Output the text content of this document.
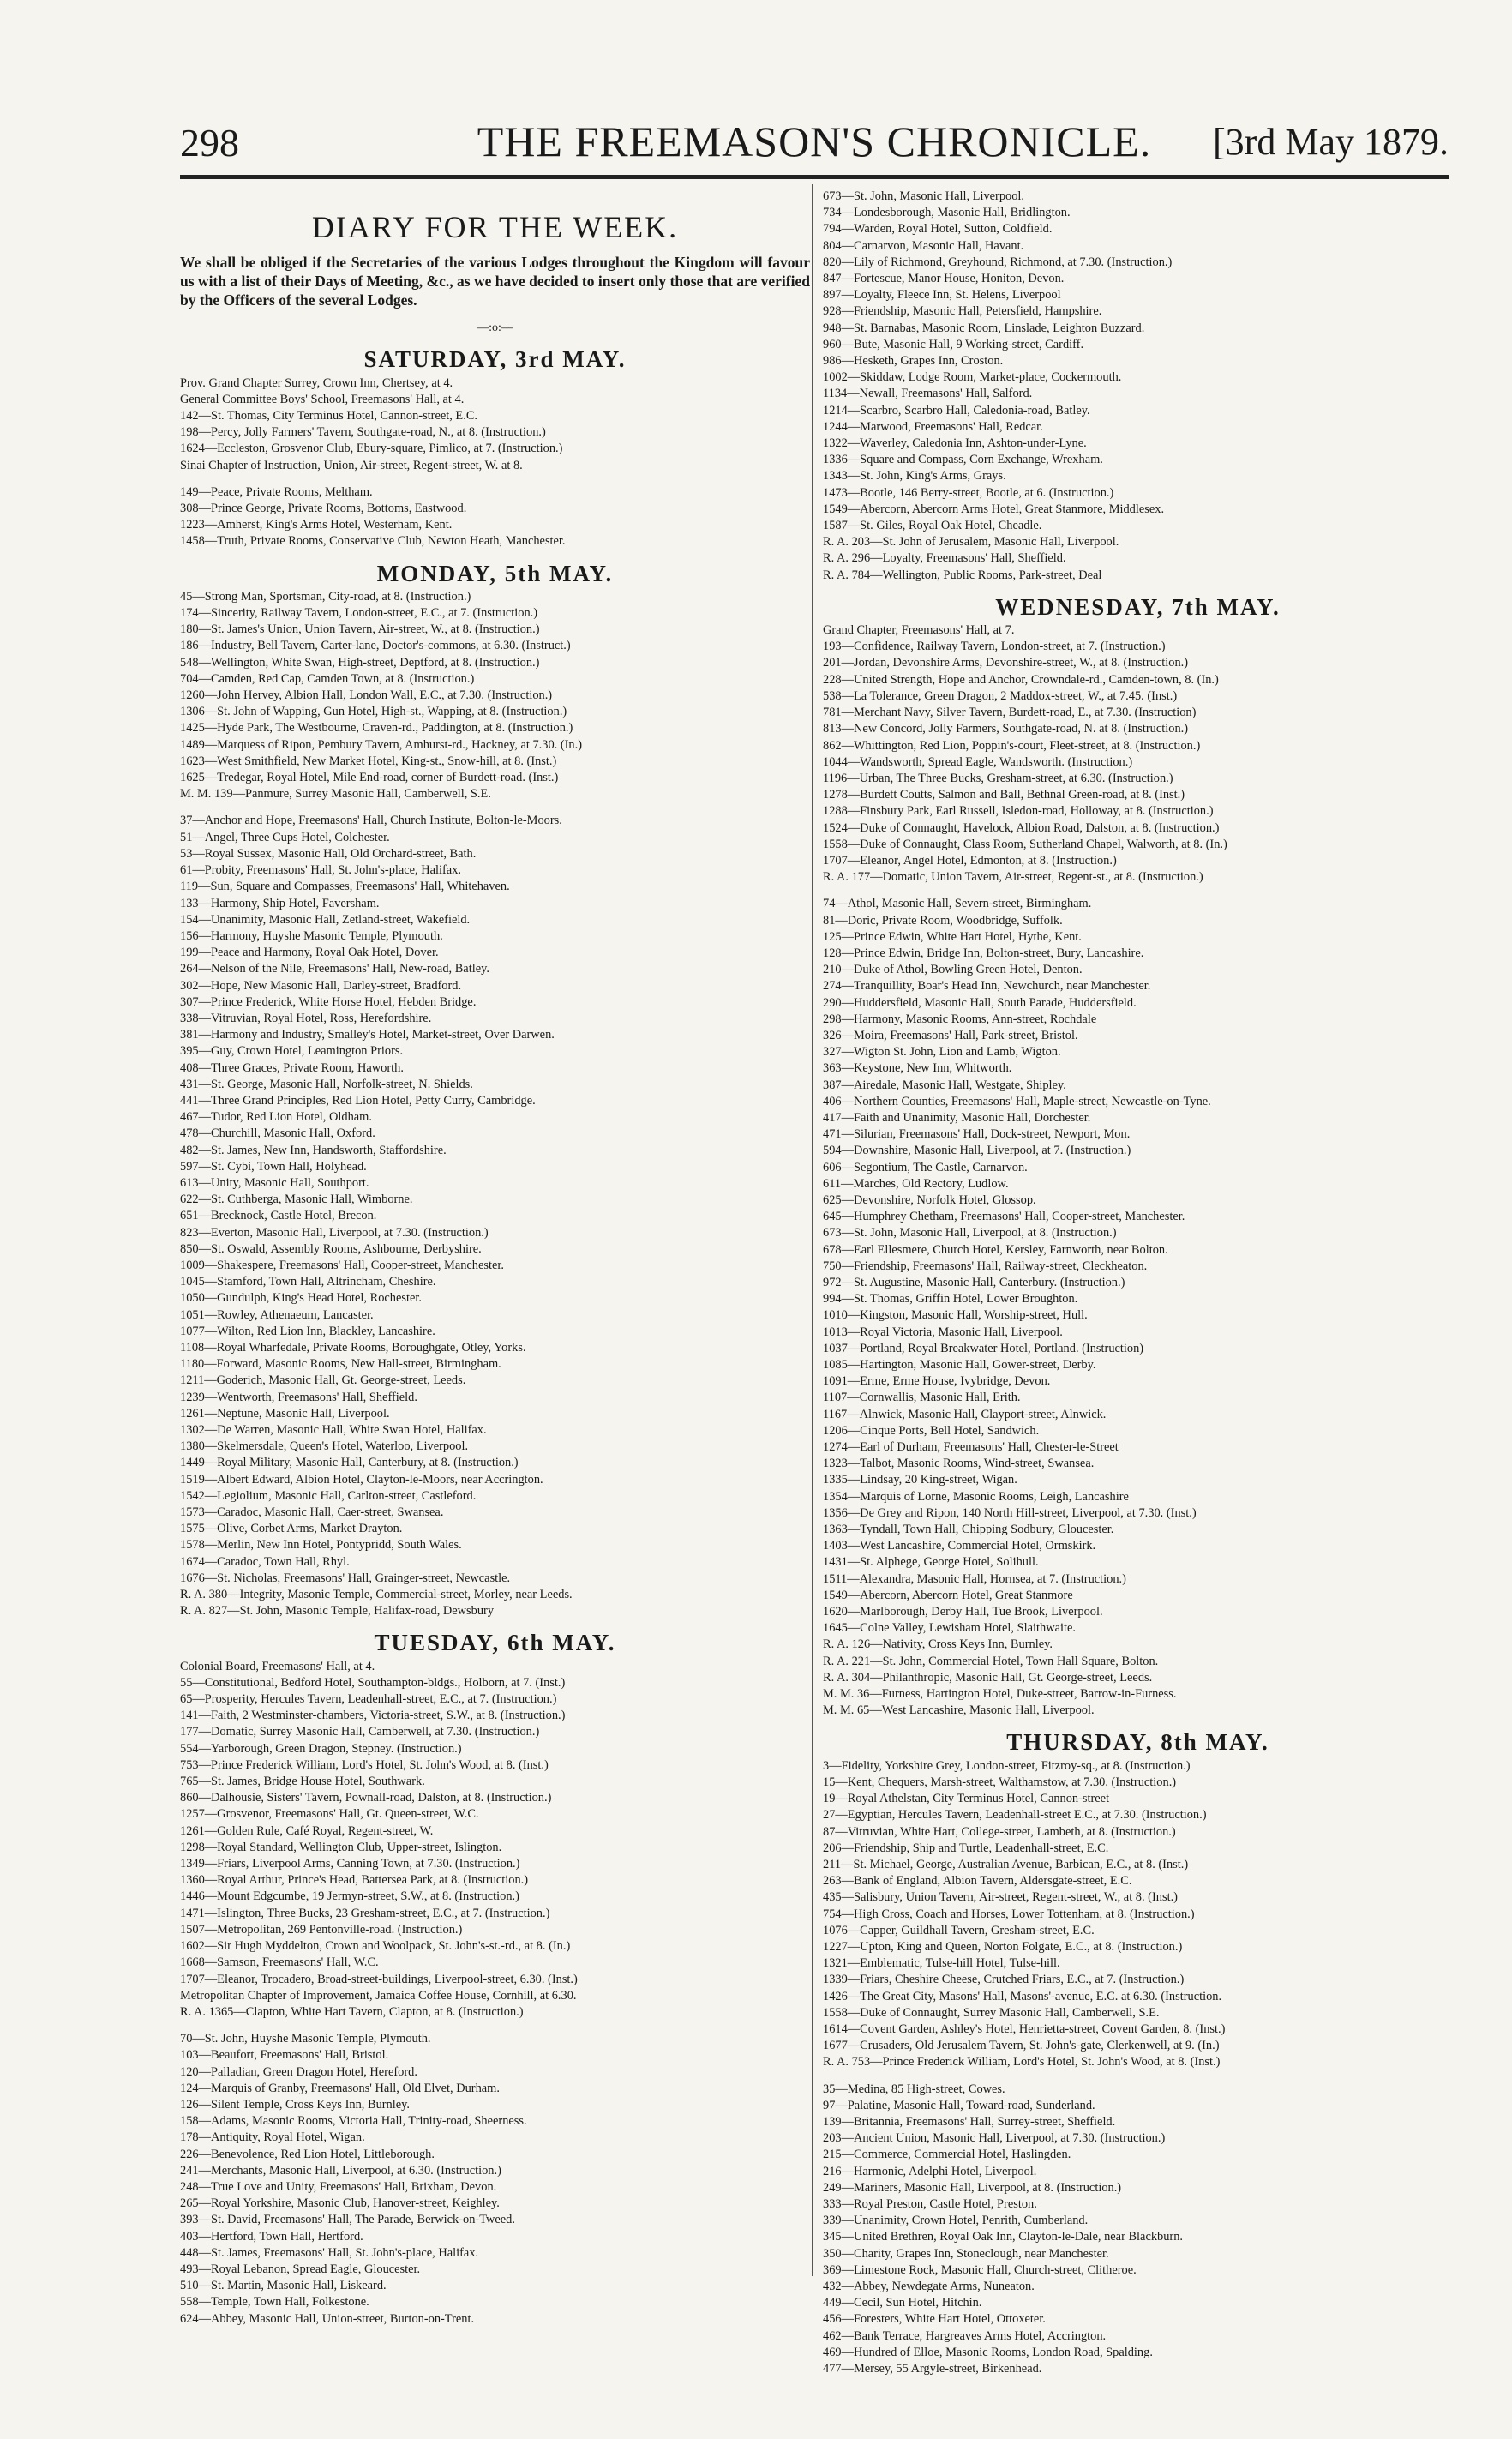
298	THE FREEMASON'S CHRONICLE.	[3rd May 1879.
DIARY FOR THE WEEK.
We shall be obliged if the Secretaries of the various Lodges throughout the Kingdom will favour us with a list of their Days of Meeting, &c., as we have decided to insert only those that are verified by the Officers of the several Lodges.
—:o:—
SATURDAY, 3rd MAY.
Prov. Grand Chapter Surrey, Crown Inn, Chertsey, at 4.
General Committee Boys' School, Freemasons' Hall, at 4.
142—St. Thomas, City Terminus Hotel, Cannon-street, E.C.
198—Percy, Jolly Farmers' Tavern, Southgate-road, N., at 8. (Instruction.)
1624—Eccleston, Grosvenor Club, Ebury-square, Pimlico, at 7. (Instruction.)
Sinai Chapter of Instruction, Union, Air-street, Regent-street, W. at 8.
149—Peace, Private Rooms, Meltham.
308—Prince George, Private Rooms, Bottoms, Eastwood.
1223—Amherst, King's Arms Hotel, Westerham, Kent.
1458—Truth, Private Rooms, Conservative Club, Newton Heath, Manchester.
MONDAY, 5th MAY.
45—Strong Man, Sportsman, City-road, at 8. (Instruction.)
174—Sincerity, Railway Tavern, London-street, E.C., at 7. (Instruction.)
180—St. James's Union, Union Tavern, Air-street, W., at 8. (Instruction.)
186—Industry, Bell Tavern, Carter-lane, Doctor's-commons, at 6.30. (Instruct.)
548—Wellington, White Swan, High-street, Deptford, at 8. (Instruction.)
704—Camden, Red Cap, Camden Town, at 8. (Instruction.)
1260—John Hervey, Albion Hall, London Wall, E.C., at 7.30. (Instruction.)
1306—St. John of Wapping, Gun Hotel, High-st., Wapping, at 8. (Instruction.)
1425—Hyde Park, The Westbourne, Craven-rd., Paddington, at 8. (Instruction.)
1489—Marquess of Ripon, Pembury Tavern, Amhurst-rd., Hackney, at 7.30. (In.)
1623—West Smithfield, New Market Hotel, King-st., Snow-hill, at 8. (Inst.)
1625—Tredegar, Royal Hotel, Mile End-road, corner of Burdett-road. (Inst.)
M. M. 139—Panmure, Surrey Masonic Hall, Camberwell, S.E.
37—Anchor and Hope, Freemasons' Hall, Church Institute, Bolton-le-Moors.
51—Angel, Three Cups Hotel, Colchester.
53—Royal Sussex, Masonic Hall, Old Orchard-street, Bath.
61—Probity, Freemasons' Hall, St. John's-place, Halifax.
119—Sun, Square and Compasses, Freemasons' Hall, Whitehaven.
133—Harmony, Ship Hotel, Faversham.
154—Unanimity, Masonic Hall, Zetland-street, Wakefield.
156—Harmony, Huyshe Masonic Temple, Plymouth.
199—Peace and Harmony, Royal Oak Hotel, Dover.
264—Nelson of the Nile, Freemasons' Hall, New-road, Batley.
302—Hope, New Masonic Hall, Darley-street, Bradford.
307—Prince Frederick, White Horse Hotel, Hebden Bridge.
338—Vitruvian, Royal Hotel, Ross, Herefordshire.
381—Harmony and Industry, Smalley's Hotel, Market-street, Over Darwen.
395—Guy, Crown Hotel, Leamington Priors.
408—Three Graces, Private Room, Haworth.
431—St. George, Masonic Hall, Norfolk-street, N. Shields.
441—Three Grand Principles, Red Lion Hotel, Petty Curry, Cambridge.
467—Tudor, Red Lion Hotel, Oldham.
478—Churchill, Masonic Hall, Oxford.
482—St. James, New Inn, Handsworth, Staffordshire.
597—St. Cybi, Town Hall, Holyhead.
613—Unity, Masonic Hall, Southport.
622—St. Cuthberga, Masonic Hall, Wimborne.
651—Brecknock, Castle Hotel, Brecon.
823—Everton, Masonic Hall, Liverpool, at 7.30. (Instruction.)
850—St. Oswald, Assembly Rooms, Ashbourne, Derbyshire.
1009—Shakespere, Freemasons' Hall, Cooper-street, Manchester.
1045—Stamford, Town Hall, Altrincham, Cheshire.
1050—Gundulph, King's Head Hotel, Rochester.
1051—Rowley, Athenaeum, Lancaster.
1077—Wilton, Red Lion Inn, Blackley, Lancashire.
1108—Royal Wharfedale, Private Rooms, Boroughgate, Otley, Yorks.
1180—Forward, Masonic Rooms, New Hall-street, Birmingham.
1211—Goderich, Masonic Hall, Gt. George-street, Leeds.
1239—Wentworth, Freemasons' Hall, Sheffield.
1261—Neptune, Masonic Hall, Liverpool.
1302—De Warren, Masonic Hall, White Swan Hotel, Halifax.
1380—Skelmersdale, Queen's Hotel, Waterloo, Liverpool.
1449—Royal Military, Masonic Hall, Canterbury, at 8. (Instruction.)
1519—Albert Edward, Albion Hotel, Clayton-le-Moors, near Accrington.
1542—Legiolium, Masonic Hall, Carlton-street, Castleford.
1573—Caradoc, Masonic Hall, Caer-street, Swansea.
1575—Olive, Corbet Arms, Market Drayton.
1578—Merlin, New Inn Hotel, Pontypridd, South Wales.
1674—Caradoc, Town Hall, Rhyl.
1676—St. Nicholas, Freemasons' Hall, Grainger-street, Newcastle.
R. A. 380—Integrity, Masonic Temple, Commercial-street, Morley, near Leeds.
R. A. 827—St. John, Masonic Temple, Halifax-road, Dewsbury
TUESDAY, 6th MAY.
Colonial Board, Freemasons' Hall, at 4.
55—Constitutional, Bedford Hotel, Southampton-bldgs., Holborn, at 7. (Inst.)
65—Prosperity, Hercules Tavern, Leadenhall-street, E.C., at 7. (Instruction.)
141—Faith, 2 Westminster-chambers, Victoria-street, S.W., at 8. (Instruction.)
177—Domatic, Surrey Masonic Hall, Camberwell, at 7.30. (Instruction.)
554—Yarborough, Green Dragon, Stepney. (Instruction.)
753—Prince Frederick William, Lord's Hotel, St. John's Wood, at 8. (Inst.)
765—St. James, Bridge House Hotel, Southwark.
860—Dalhousie, Sisters' Tavern, Pownall-road, Dalston, at 8. (Instruction.)
1257—Grosvenor, Freemasons' Hall, Gt. Queen-street, W.C.
1261—Golden Rule, Café Royal, Regent-street, W.
1298—Royal Standard, Wellington Club, Upper-street, Islington.
1349—Friars, Liverpool Arms, Canning Town, at 7.30. (Instruction.)
1360—Royal Arthur, Prince's Head, Battersea Park, at 8. (Instruction.)
1446—Mount Edgcumbe, 19 Jermyn-street, S.W., at 8. (Instruction.)
1471—Islington, Three Bucks, 23 Gresham-street, E.C., at 7. (Instruction.)
1507—Metropolitan, 269 Pentonville-road. (Instruction.)
1602—Sir Hugh Myddelton, Crown and Woolpack, St. John's-st.-rd., at 8. (In.)
1668—Samson, Freemasons' Hall, W.C.
1707—Eleanor, Trocadero, Broad-street-buildings, Liverpool-street, 6.30. (Inst.)
Metropolitan Chapter of Improvement, Jamaica Coffee House, Cornhill, at 6.30.
R. A. 1365—Clapton, White Hart Tavern, Clapton, at 8. (Instruction.)
70—St. John, Huyshe Masonic Temple, Plymouth.
103—Beaufort, Freemasons' Hall, Bristol.
120—Palladian, Green Dragon Hotel, Hereford.
124—Marquis of Granby, Freemasons' Hall, Old Elvet, Durham.
126—Silent Temple, Cross Keys Inn, Burnley.
158—Adams, Masonic Rooms, Victoria Hall, Trinity-road, Sheerness.
178—Antiquity, Royal Hotel, Wigan.
226—Benevolence, Red Lion Hotel, Littleborough.
241—Merchants, Masonic Hall, Liverpool, at 6.30. (Instruction.)
248—True Love and Unity, Freemasons' Hall, Brixham, Devon.
265—Royal Yorkshire, Masonic Club, Hanover-street, Keighley.
393—St. David, Freemasons' Hall, The Parade, Berwick-on-Tweed.
403—Hertford, Town Hall, Hertford.
448—St. James, Freemasons' Hall, St. John's-place, Halifax.
493—Royal Lebanon, Spread Eagle, Gloucester.
510—St. Martin, Masonic Hall, Liskeard.
558—Temple, Town Hall, Folkestone.
624—Abbey, Masonic Hall, Union-street, Burton-on-Trent.
673—St. John, Masonic Hall, Liverpool.
734—Londesborough, Masonic Hall, Bridlington.
794—Warden, Royal Hotel, Sutton, Coldfield.
804—Carnarvon, Masonic Hall, Havant.
820—Lily of Richmond, Greyhound, Richmond, at 7.30. (Instruction.)
847—Fortescue, Manor House, Honiton, Devon.
897—Loyalty, Fleece Inn, St. Helens, Liverpool
928—Friendship, Masonic Hall, Petersfield, Hampshire.
948—St. Barnabas, Masonic Room, Linslade, Leighton Buzzard.
960—Bute, Masonic Hall, 9 Working-street, Cardiff.
986—Hesketh, Grapes Inn, Croston.
1002—Skiddaw, Lodge Room, Market-place, Cockermouth.
1134—Newall, Freemasons' Hall, Salford.
1214—Scarbro, Scarbro Hall, Caledonia-road, Batley.
1244—Marwood, Freemasons' Hall, Redcar.
1322—Waverley, Caledonia Inn, Ashton-under-Lyne.
1336—Square and Compass, Corn Exchange, Wrexham.
1343—St. John, King's Arms, Grays.
1473—Bootle, 146 Berry-street, Bootle, at 6. (Instruction.)
1549—Abercorn, Abercorn Arms Hotel, Great Stanmore, Middlesex.
1587—St. Giles, Royal Oak Hotel, Cheadle.
R. A. 203—St. John of Jerusalem, Masonic Hall, Liverpool.
R. A. 296—Loyalty, Freemasons' Hall, Sheffield.
R. A. 784—Wellington, Public Rooms, Park-street, Deal
WEDNESDAY, 7th MAY.
Grand Chapter, Freemasons' Hall, at 7.
193—Confidence, Railway Tavern, London-street, at 7. (Instruction.)
201—Jordan, Devonshire Arms, Devonshire-street, W., at 8. (Instruction.)
228—United Strength, Hope and Anchor, Crowndale-rd., Camden-town, 8. (In.)
538—La Tolerance, Green Dragon, 2 Maddox-street, W., at 7.45. (Inst.)
781—Merchant Navy, Silver Tavern, Burdett-road, E., at 7.30. (Instruction)
813—New Concord, Jolly Farmers, Southgate-road, N. at 8. (Instruction.)
862—Whittington, Red Lion, Poppin's-court, Fleet-street, at 8. (Instruction.)
1044—Wandsworth, Spread Eagle, Wandsworth. (Instruction.)
1196—Urban, The Three Bucks, Gresham-street, at 6.30. (Instruction.)
1278—Burdett Coutts, Salmon and Ball, Bethnal Green-road, at 8. (Inst.)
1288—Finsbury Park, Earl Russell, Isledon-road, Holloway, at 8. (Instruction.)
1524—Duke of Connaught, Havelock, Albion Road, Dalston, at 8. (Instruction.)
1558—Duke of Connaught, Class Room, Sutherland Chapel, Walworth, at 8. (In.)
1707—Eleanor, Angel Hotel, Edmonton, at 8. (Instruction.)
R. A. 177—Domatic, Union Tavern, Air-street, Regent-st., at 8. (Instruction.)
74—Athol, Masonic Hall, Severn-street, Birmingham.
81—Doric, Private Room, Woodbridge, Suffolk.
125—Prince Edwin, White Hart Hotel, Hythe, Kent.
128—Prince Edwin, Bridge Inn, Bolton-street, Bury, Lancashire.
210—Duke of Athol, Bowling Green Hotel, Denton.
274—Tranquillity, Boar's Head Inn, Newchurch, near Manchester.
290—Huddersfield, Masonic Hall, South Parade, Huddersfield.
298—Harmony, Masonic Rooms, Ann-street, Rochdale
326—Moira, Freemasons' Hall, Park-street, Bristol.
327—Wigton St. John, Lion and Lamb, Wigton.
363—Keystone, New Inn, Whitworth.
387—Airedale, Masonic Hall, Westgate, Shipley.
406—Northern Counties, Freemasons' Hall, Maple-street, Newcastle-on-Tyne.
417—Faith and Unanimity, Masonic Hall, Dorchester.
471—Silurian, Freemasons' Hall, Dock-street, Newport, Mon.
594—Downshire, Masonic Hall, Liverpool, at 7. (Instruction.)
606—Segontium, The Castle, Carnarvon.
611—Marches, Old Rectory, Ludlow.
625—Devonshire, Norfolk Hotel, Glossop.
645—Humphrey Chetham, Freemasons' Hall, Cooper-street, Manchester.
673—St. John, Masonic Hall, Liverpool, at 8. (Instruction.)
678—Earl Ellesmere, Church Hotel, Kersley, Farnworth, near Bolton.
750—Friendship, Freemasons' Hall, Railway-street, Cleckheaton.
972—St. Augustine, Masonic Hall, Canterbury. (Instruction.)
994—St. Thomas, Griffin Hotel, Lower Broughton.
1010—Kingston, Masonic Hall, Worship-street, Hull.
1013—Royal Victoria, Masonic Hall, Liverpool.
1037—Portland, Royal Breakwater Hotel, Portland. (Instruction)
1085—Hartington, Masonic Hall, Gower-street, Derby.
1091—Erme, Erme House, Ivybridge, Devon.
1107—Cornwallis, Masonic Hall, Erith.
1167—Alnwick, Masonic Hall, Clayport-street, Alnwick.
1206—Cinque Ports, Bell Hotel, Sandwich.
1274—Earl of Durham, Freemasons' Hall, Chester-le-Street
1323—Talbot, Masonic Rooms, Wind-street, Swansea.
1335—Lindsay, 20 King-street, Wigan.
1354—Marquis of Lorne, Masonic Rooms, Leigh, Lancashire
1356—De Grey and Ripon, 140 North Hill-street, Liverpool, at 7.30. (Inst.)
1363—Tyndall, Town Hall, Chipping Sodbury, Gloucester.
1403—West Lancashire, Commercial Hotel, Ormskirk.
1431—St. Alphege, George Hotel, Solihull.
1511—Alexandra, Masonic Hall, Hornsea, at 7. (Instruction.)
1549—Abercorn, Abercorn Hotel, Great Stanmore
1620—Marlborough, Derby Hall, Tue Brook, Liverpool.
1645—Colne Valley, Lewisham Hotel, Slaithwaite.
R. A. 126—Nativity, Cross Keys Inn, Burnley.
R. A. 221—St. John, Commercial Hotel, Town Hall Square, Bolton.
R. A. 304—Philanthropic, Masonic Hall, Gt. George-street, Leeds.
M. M. 36—Furness, Hartington Hotel, Duke-street, Barrow-in-Furness.
M. M. 65—West Lancashire, Masonic Hall, Liverpool.
THURSDAY, 8th MAY.
3—Fidelity, Yorkshire Grey, London-street, Fitzroy-sq., at 8. (Instruction.)
15—Kent, Chequers, Marsh-street, Walthamstow, at 7.30. (Instruction.)
19—Royal Athelstan, City Terminus Hotel, Cannon-street
27—Egyptian, Hercules Tavern, Leadenhall-street E.C., at 7.30. (Instruction.)
87—Vitruvian, White Hart, College-street, Lambeth, at 8. (Instruction.)
206—Friendship, Ship and Turtle, Leadenhall-street, E.C.
211—St. Michael, George, Australian Avenue, Barbican, E.C., at 8. (Inst.)
263—Bank of England, Albion Tavern, Aldersgate-street, E.C.
435—Salisbury, Union Tavern, Air-street, Regent-street, W., at 8. (Inst.)
754—High Cross, Coach and Horses, Lower Tottenham, at 8. (Instruction.)
1076—Capper, Guildhall Tavern, Gresham-street, E.C.
1227—Upton, King and Queen, Norton Folgate, E.C., at 8. (Instruction.)
1321—Emblematic, Tulse-hill Hotel, Tulse-hill.
1339—Friars, Cheshire Cheese, Crutched Friars, E.C., at 7. (Instruction.)
1426—The Great City, Masons' Hall, Masons'-avenue, E.C. at 6.30. (Instruction.
1558—Duke of Connaught, Surrey Masonic Hall, Camberwell, S.E.
1614—Covent Garden, Ashley's Hotel, Henrietta-street, Covent Garden, 8. (Inst.)
1677—Crusaders, Old Jerusalem Tavern, St. John's-gate, Clerkenwell, at 9. (In.)
R. A. 753—Prince Frederick William, Lord's Hotel, St. John's Wood, at 8. (Inst.)
35—Medina, 85 High-street, Cowes.
97—Palatine, Masonic Hall, Toward-road, Sunderland.
139—Britannia, Freemasons' Hall, Surrey-street, Sheffield.
203—Ancient Union, Masonic Hall, Liverpool, at 7.30. (Instruction.)
215—Commerce, Commercial Hotel, Haslingden.
216—Harmonic, Adelphi Hotel, Liverpool.
249—Mariners, Masonic Hall, Liverpool, at 8. (Instruction.)
333—Royal Preston, Castle Hotel, Preston.
339—Unanimity, Crown Hotel, Penrith, Cumberland.
345—United Brethren, Royal Oak Inn, Clayton-le-Dale, near Blackburn.
350—Charity, Grapes Inn, Stoneclough, near Manchester.
369—Limestone Rock, Masonic Hall, Church-street, Clitheroe.
432—Abbey, Newdegate Arms, Nuneaton.
449—Cecil, Sun Hotel, Hitchin.
456—Foresters, White Hart Hotel, Ottoxeter.
462—Bank Terrace, Hargreaves Arms Hotel, Accrington.
469—Hundred of Elloe, Masonic Rooms, London Road, Spalding.
477—Mersey, 55 Argyle-street, Birkenhead.
